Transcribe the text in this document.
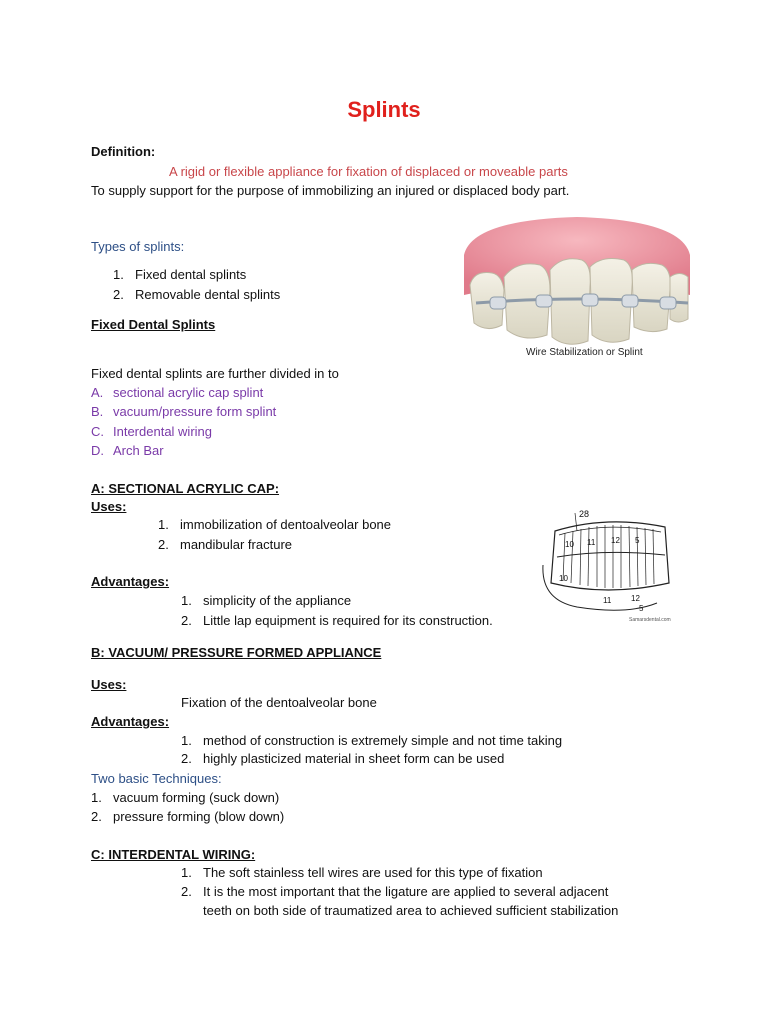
Splints
Definition:
A rigid or flexible appliance for fixation of displaced or moveable parts
To supply support for the purpose of immobilizing an injured or displaced body part.
Types of splints:
1. Fixed dental splints
2. Removable dental splints
Fixed Dental Splints
Fixed dental splints are further divided in to
A. sectional acrylic cap splint
B. vacuum/pressure form splint
C. Interdental wiring
D. Arch Bar
Wire Stabilization or Splint
A: SECTIONAL ACRYLIC CAP:
Uses:
1. immobilization of dentoalveolar bone
2. mandibular fracture
Advantages:
1. simplicity of the appliance
2. Little lap equipment is required for its construction.
28
10 11 12 5
10
11 12
5
Samarsdental.com
B: VACUUM/ PRESSURE FORMED APPLIANCE
Uses:
Fixation of the dentoalveolar bone
Advantages:
1. method of construction is extremely simple and not time taking
2. highly plasticized material in sheet form can be used
Two basic Techniques:
1. vacuum forming (suck down)
2. pressure forming (blow down)
C: INTERDENTAL WIRING:
1. The soft stainless tell wires are used for this type of fixation
2. It is the most important that the ligature are applied to several adjacent
teeth on both side of traumatized area to achieved sufficient stabilization
